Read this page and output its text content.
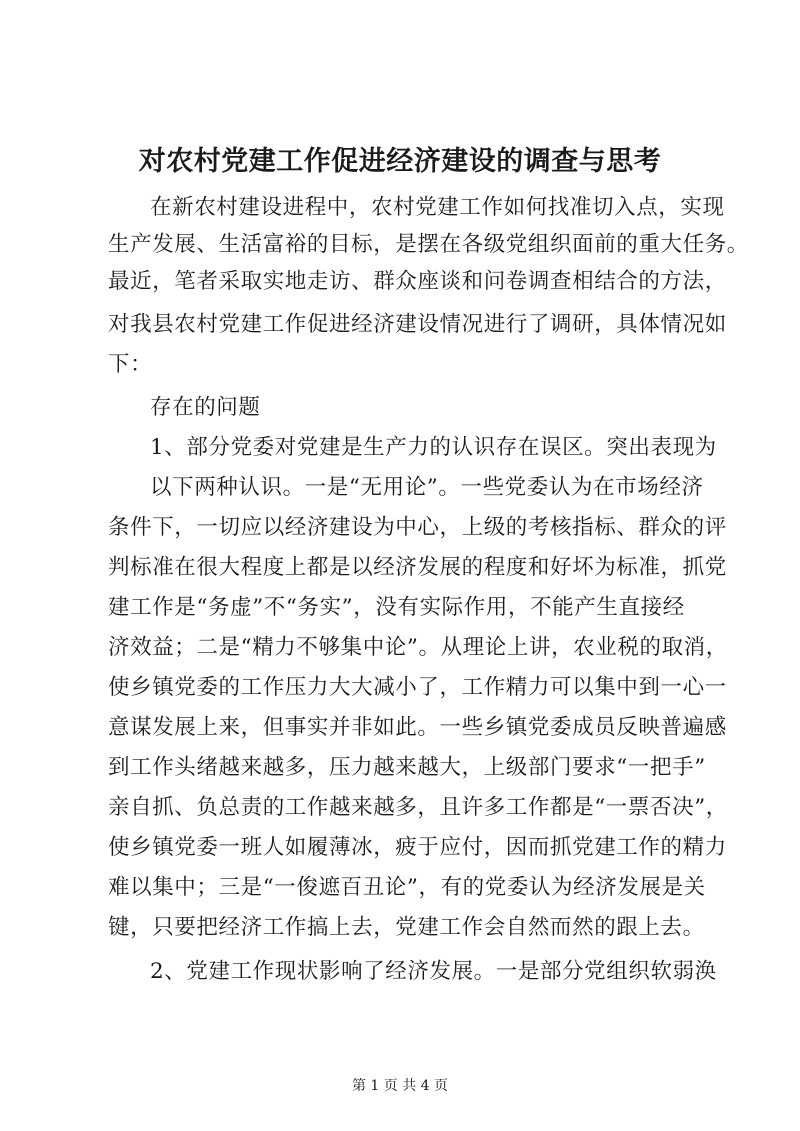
对农村党建工作促进经济建设的调查与思考
在新农村建设进程中，农村党建工作如何找准切入点，实现
生产发展、生活富裕的目标，是摆在各级党组织面前的重大任务。
最近，笔者采取实地走访、群众座谈和问卷调查相结合的方法，
对我县农村党建工作促进经济建设情况进行了调研，具体情况如
下：
存在的问题
1、部分党委对党建是生产力的认识存在误区。突出表现为
以下两种认识。一是“无用论”。一些党委认为在市场经济
条件下，一切应以经济建设为中心，上级的考核指标、群众的评
判标准在很大程度上都是以经济发展的程度和好坏为标准，抓党
建工作是“务虚”不“务实”，没有实际作用，不能产生直接经
济效益；二是“精力不够集中论”。从理论上讲，农业税的取消，
使乡镇党委的工作压力大大减小了，工作精力可以集中到一心一
意谋发展上来，但事实并非如此。一些乡镇党委成员反映普遍感
到工作头绪越来越多，压力越来越大，上级部门要求“一把手”
亲自抓、负总责的工作越来越多，且许多工作都是“一票否决”，
使乡镇党委一班人如履薄冰，疲于应付，因而抓党建工作的精力
难以集中；三是“一俊遮百丑论”，有的党委认为经济发展是关
键，只要把经济工作搞上去，党建工作会自然而然的跟上去。
2、党建工作现状影响了经济发展。一是部分党组织软弱涣
第 1 页 共 4 页
